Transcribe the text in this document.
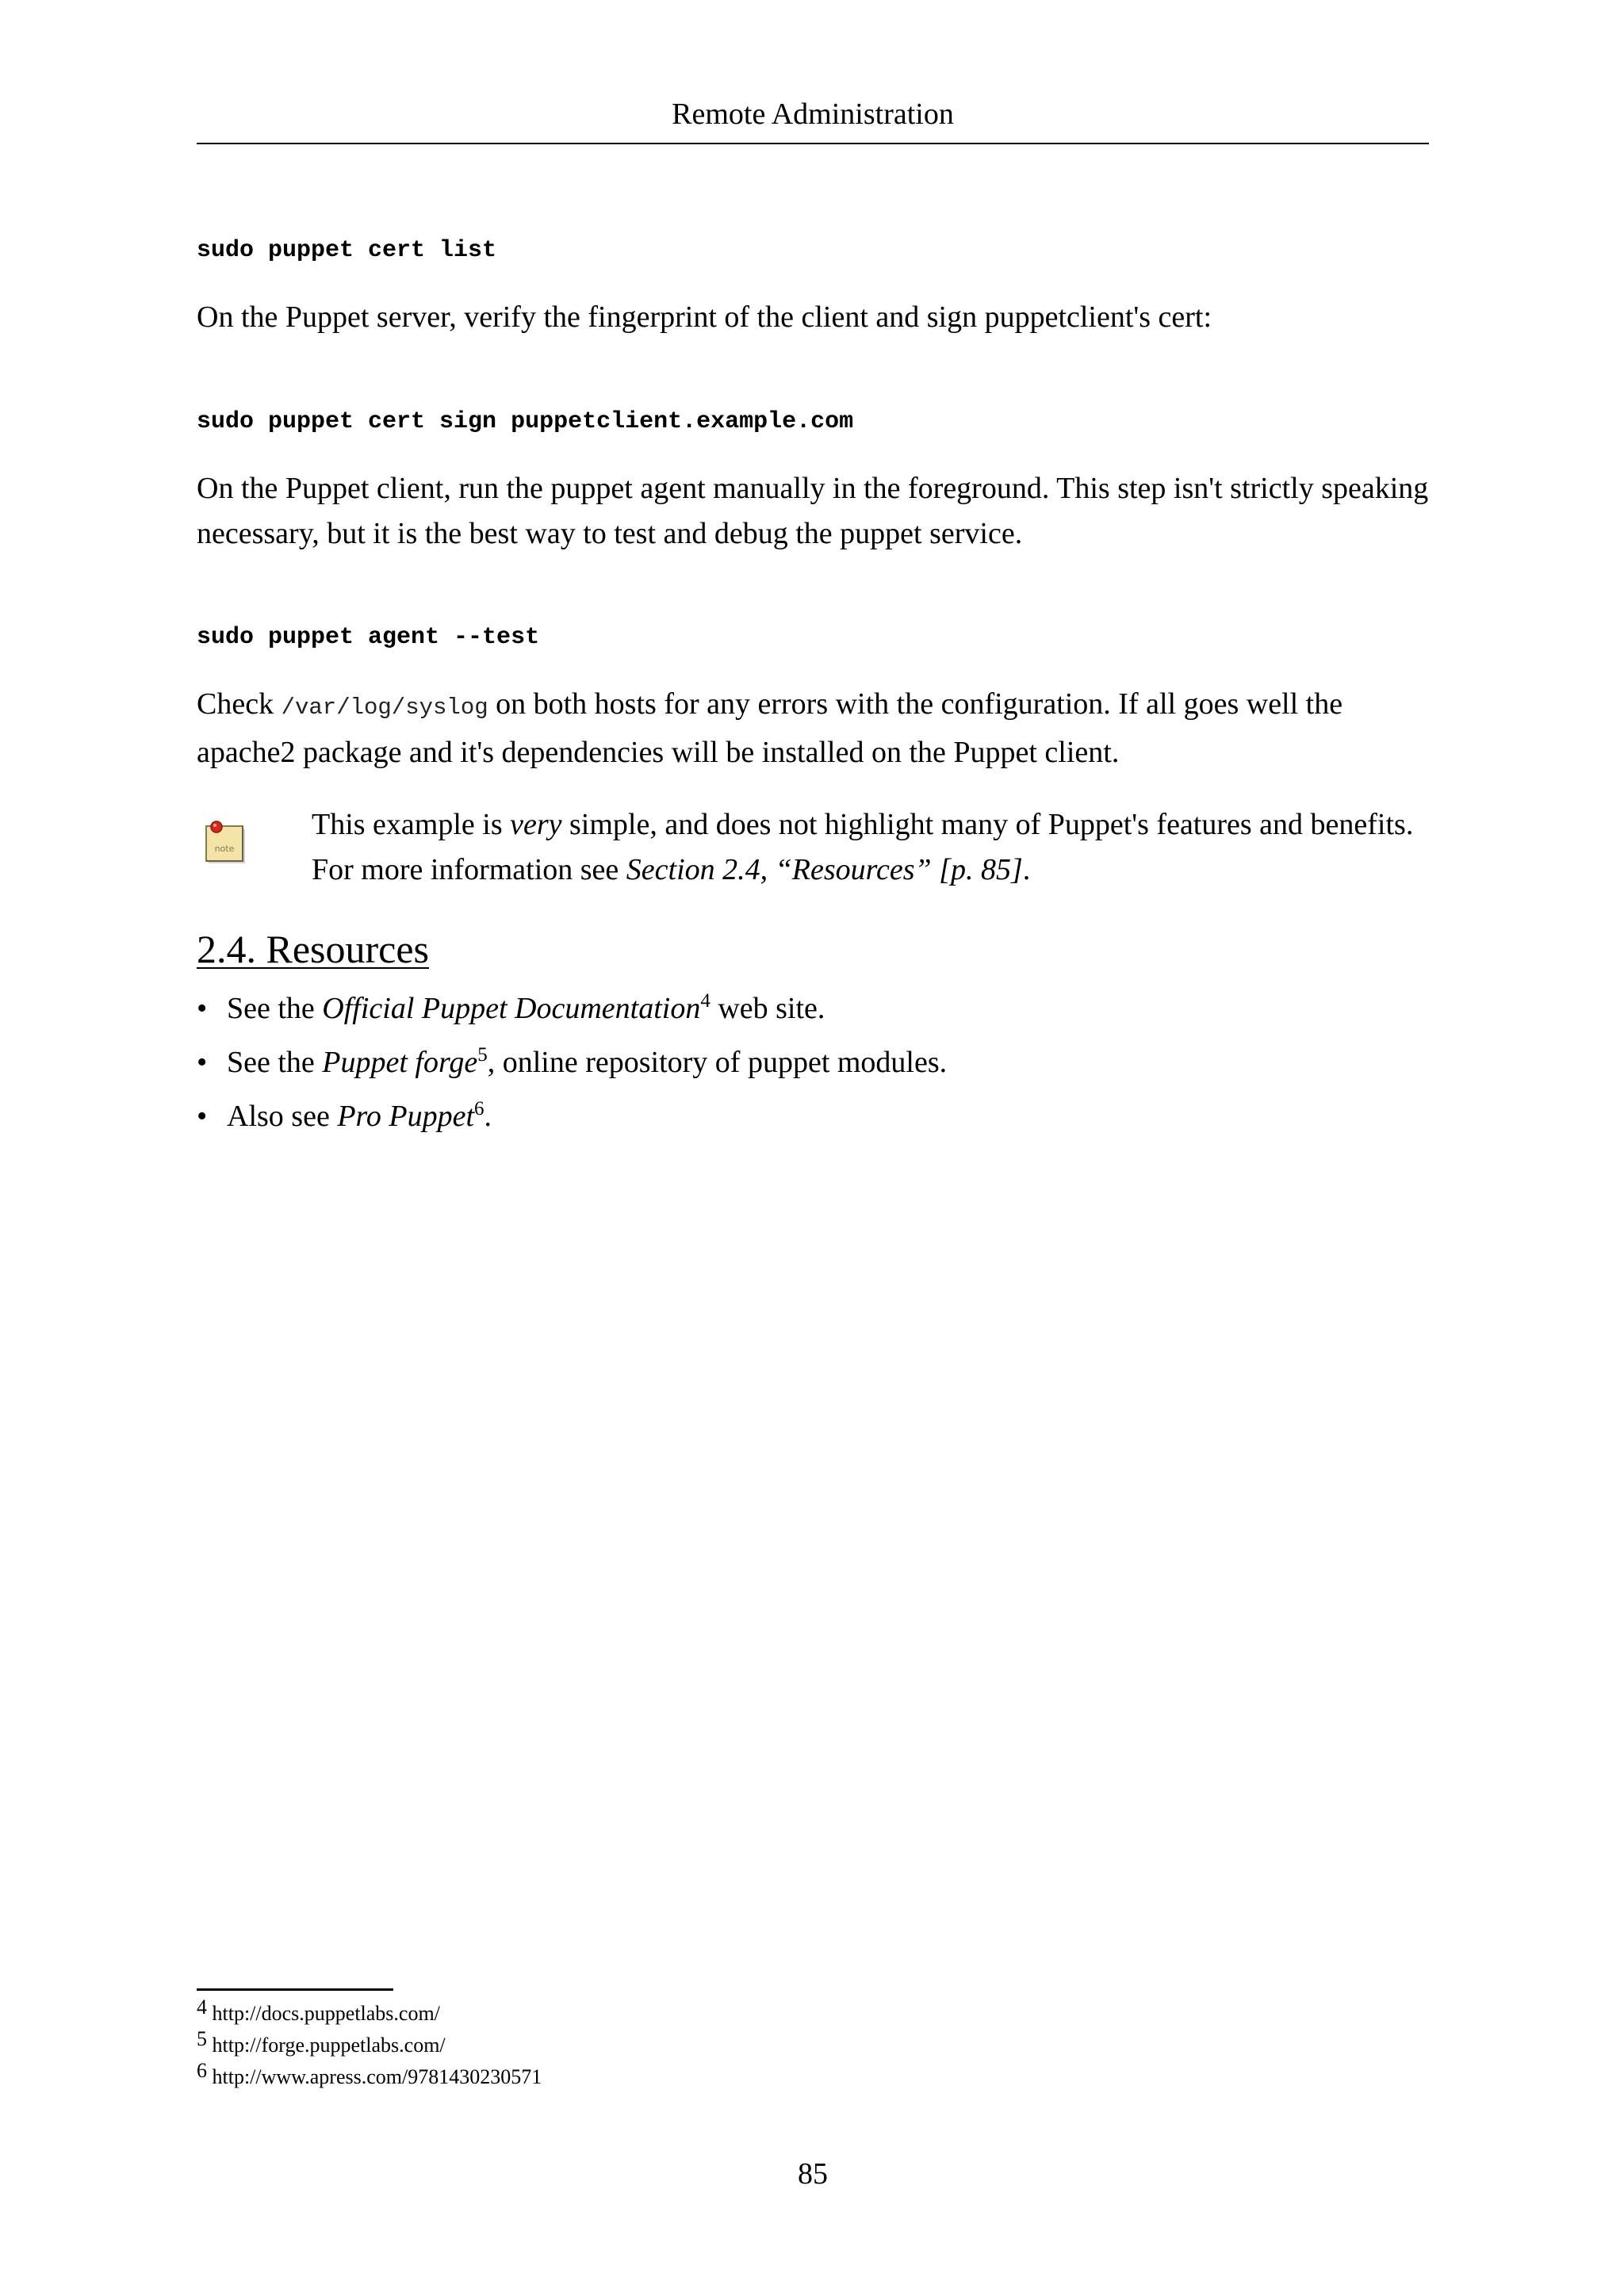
Remote Administration
sudo puppet cert list
On the Puppet server, verify the fingerprint of the client and sign puppetclient's cert:
sudo puppet cert sign puppetclient.example.com
On the Puppet client, run the puppet agent manually in the foreground. This step isn't strictly speaking necessary, but it is the best way to test and debug the puppet service.
sudo puppet agent --test
Check /var/log/syslog on both hosts for any errors with the configuration. If all goes well the apache2 package and it's dependencies will be installed on the Puppet client.
note
This example is very simple, and does not highlight many of Puppet's features and benefits. For more information see Section 2.4, “Resources” [p. 85].
2.4. Resources
• See the Official Puppet Documentation$^4$ web site.
• See the Puppet forge$^5$, online repository of puppet modules.
• Also see Pro Puppet$^6$.
4 http://docs.puppetlabs.com/
5 http://forge.puppetlabs.com/
6 http://www.apress.com/9781430230571
85
